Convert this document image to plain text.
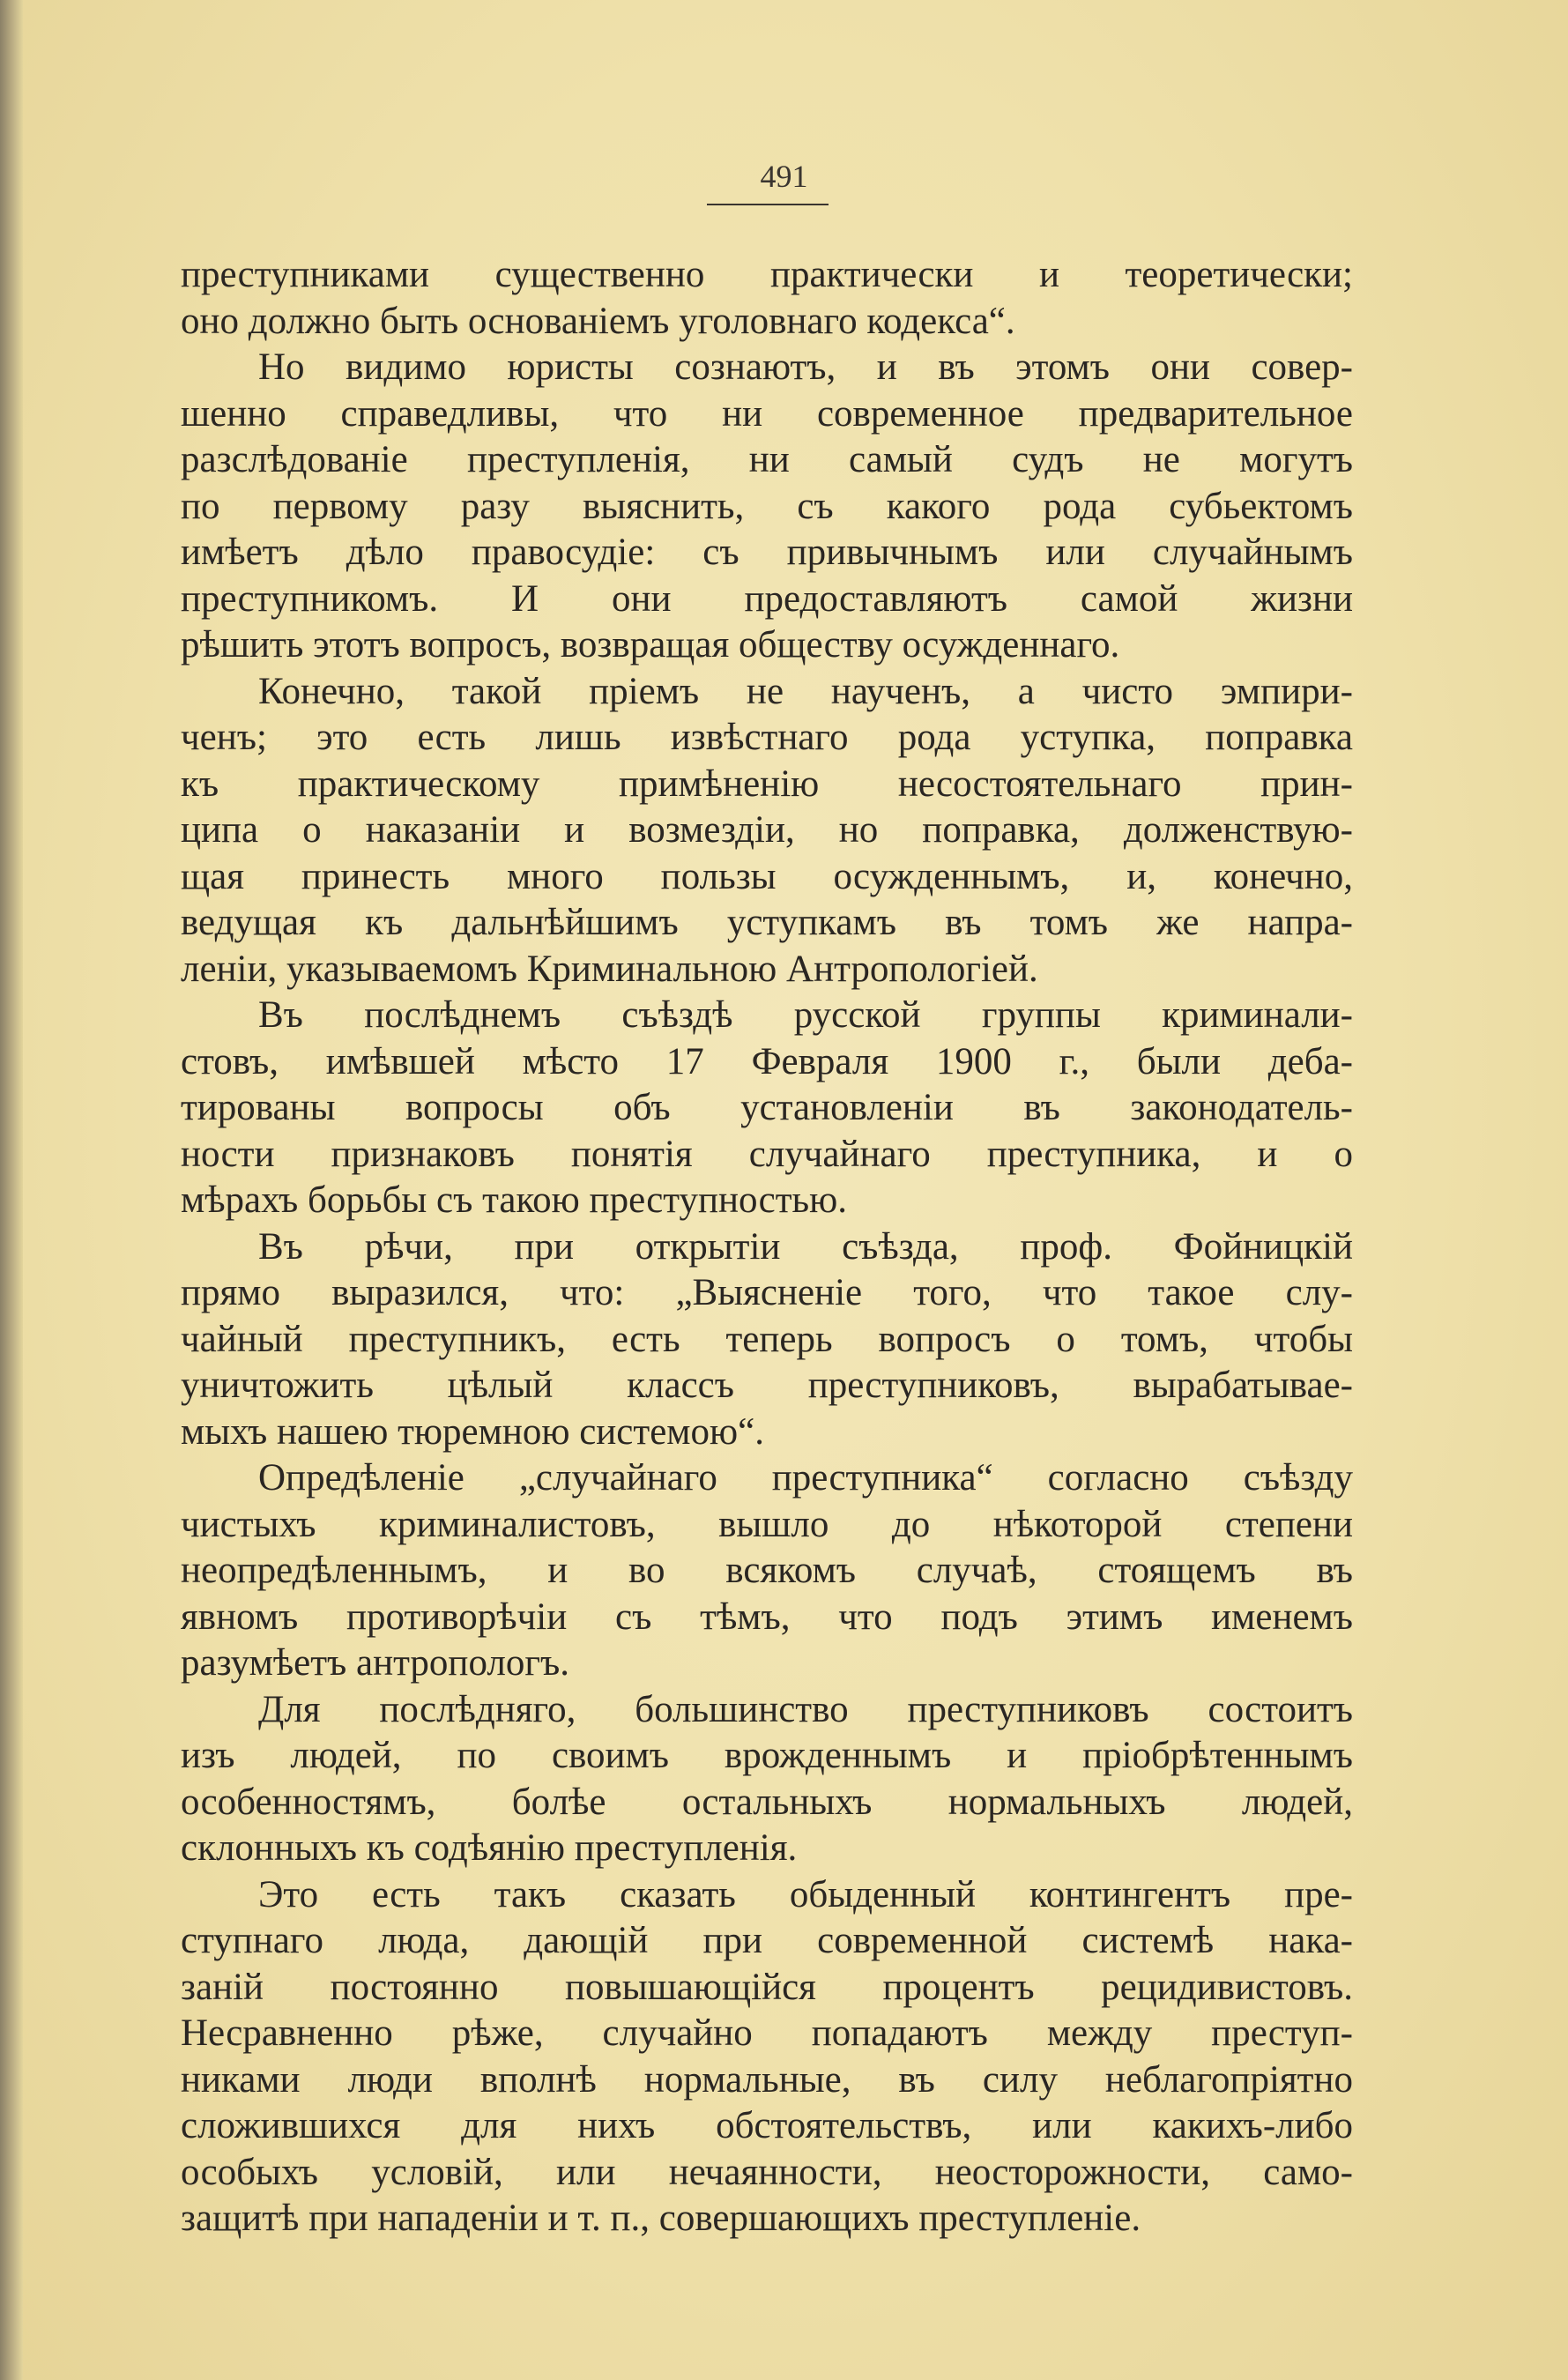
491
преступниками существенно практически и теоретически;
оно должно быть основаніемъ уголовнаго кодекса“.
Но видимо юристы сознаютъ, и въ этомъ они совер-
шенно справедливы, что ни современное предварительное
разслѣдованіе преступленія, ни самый судъ не могутъ
по первому разу выяснить, съ какого рода субьектомъ
имѣетъ дѣло правосудіе: съ привычнымъ или случайнымъ
преступникомъ. И они предоставляютъ самой жизни
рѣшить этотъ вопросъ, возвращая обществу осужденнаго.
Конечно, такой пріемъ не наученъ, а чисто эмпири-
ченъ; это есть лишь извѣстнаго рода уступка, поправка
къ практическому примѣненію несостоятельнаго прин-
ципа о наказаніи и возмездіи, но поправка, долженствую-
щая принесть много пользы осужденнымъ, и, конечно,
ведущая къ дальнѣйшимъ уступкамъ въ томъ же напра-
леніи, указываемомъ Криминальною Антропологіей.
Въ послѣднемъ съѣздѣ русской группы криминали-
стовъ, имѣвшей мѣсто 17 Февраля 1900 г., были деба-
тированы вопросы объ установленіи въ законодатель-
ности признаковъ понятія случайнаго преступника, и о
мѣрахъ борьбы съ такою преступностью.
Въ рѣчи, при открытіи съѣзда, проф. Фойницкій
прямо выразился, что: „Выясненіе того, что такое слу-
чайный преступникъ, есть теперь вопросъ о томъ, чтобы
уничтожить цѣлый классъ преступниковъ, вырабатывае-
мыхъ нашею тюремною системою“.
Опредѣленіе „случайнаго преступника“ согласно съѣзду
чистыхъ криминалистовъ, вышло до нѣкоторой степени
неопредѣленнымъ, и во всякомъ случаѣ, стоящемъ въ
явномъ противорѣчіи съ тѣмъ, что подъ этимъ именемъ
разумѣетъ антропологъ.
Для послѣдняго, большинство преступниковъ состоитъ
изъ людей, по своимъ врожденнымъ и пріобрѣтеннымъ
особенностямъ, болѣе остальныхъ нормальныхъ людей,
склонныхъ къ содѣянію преступленія.
Это есть такъ сказать обыденный контингентъ пре-
ступнаго люда, дающій при современной системѣ нака-
заній постоянно повышающійся процентъ рецидивистовъ.
Несравненно рѣже, случайно попадаютъ между преступ-
никами люди вполнѣ нормальные, въ силу неблагопріятно
сложившихся для нихъ обстоятельствъ, или какихъ-либо
особыхъ условій, или нечаянности, неосторожности, само-
защитѣ при нападеніи и т. п., совершающихъ преступленіе.
